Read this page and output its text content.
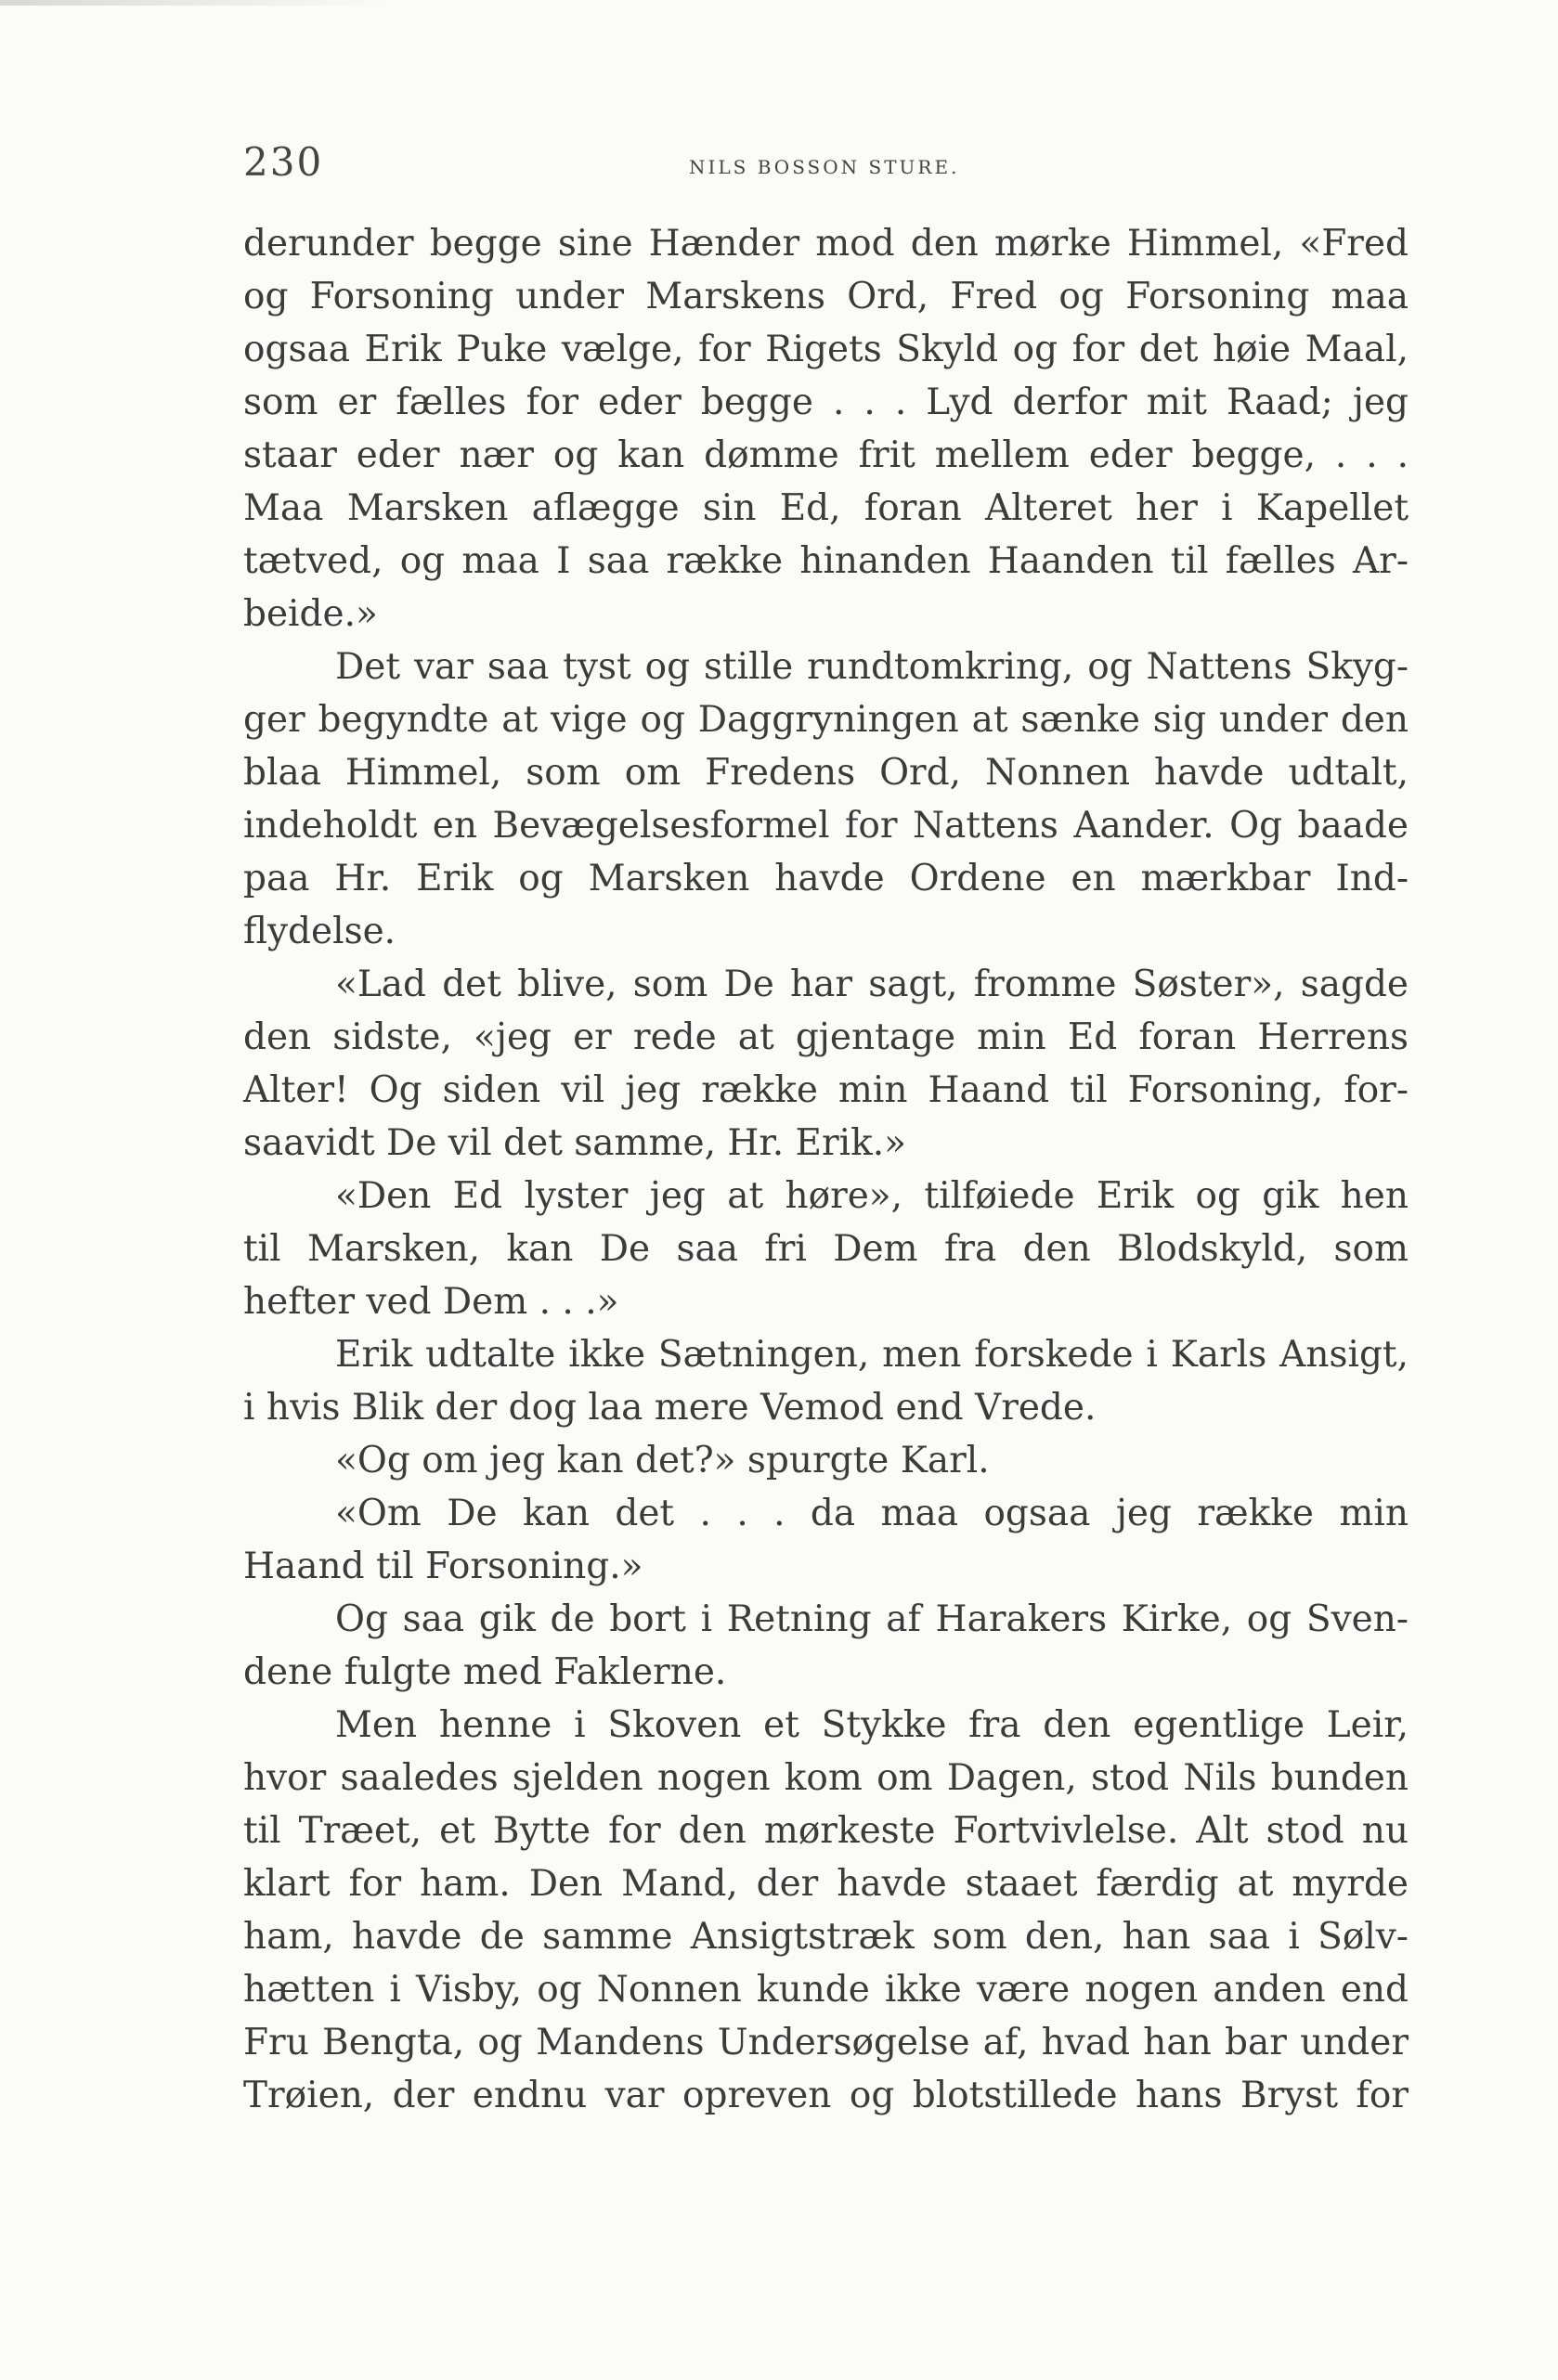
230	NILS BOSSON STURE.
derunder begge sine Hænder mod den mørke Himmel, «Fred
og Forsoning under Marskens Ord, Fred og Forsoning maa
ogsaa Erik Puke vælge, for Rigets Skyld og for det høie Maal,
som er fælles for eder begge . . . Lyd derfor mit Raad; jeg
staar eder nær og kan dømme frit mellem eder begge, . . .
Maa Marsken aflægge sin Ed, foran Alteret her i Kapellet
tætved, og maa I saa række hinanden Haanden til fælles Ar-
beide.»
Det var saa tyst og stille rundtomkring, og Nattens Skyg-
ger begyndte at vige og Daggryningen at sænke sig under den
blaa Himmel, som om Fredens Ord, Nonnen havde udtalt,
indeholdt en Bevægelsesformel for Nattens Aander. Og baade
paa Hr. Erik og Marsken havde Ordene en mærkbar Ind-
flydelse.
«Lad det blive, som De har sagt, fromme Søster», sagde
den sidste, «jeg er rede at gjentage min Ed foran Herrens
Alter! Og siden vil jeg række min Haand til Forsoning, for-
saavidt De vil det samme, Hr. Erik.»
«Den Ed lyster jeg at høre», tilføiede Erik og gik hen
til Marsken, kan De saa fri Dem fra den Blodskyld, som
hefter ved Dem . . .»
Erik udtalte ikke Sætningen, men forskede i Karls Ansigt,
i hvis Blik der dog laa mere Vemod end Vrede.
«Og om jeg kan det?» spurgte Karl.
«Om De kan det . . . da maa ogsaa jeg række min
Haand til Forsoning.»
Og saa gik de bort i Retning af Harakers Kirke, og Sven-
dene fulgte med Faklerne.
Men henne i Skoven et Stykke fra den egentlige Leir,
hvor saaledes sjelden nogen kom om Dagen, stod Nils bunden
til Træet, et Bytte for den mørkeste Fortvivlelse. Alt stod nu
klart for ham. Den Mand, der havde staaet færdig at myrde
ham, havde de samme Ansigtstræk som den, han saa i Sølv-
hætten i Visby, og Nonnen kunde ikke være nogen anden end
Fru Bengta, og Mandens Undersøgelse af, hvad han bar under
Trøien, der endnu var opreven og blotstillede hans Bryst for
